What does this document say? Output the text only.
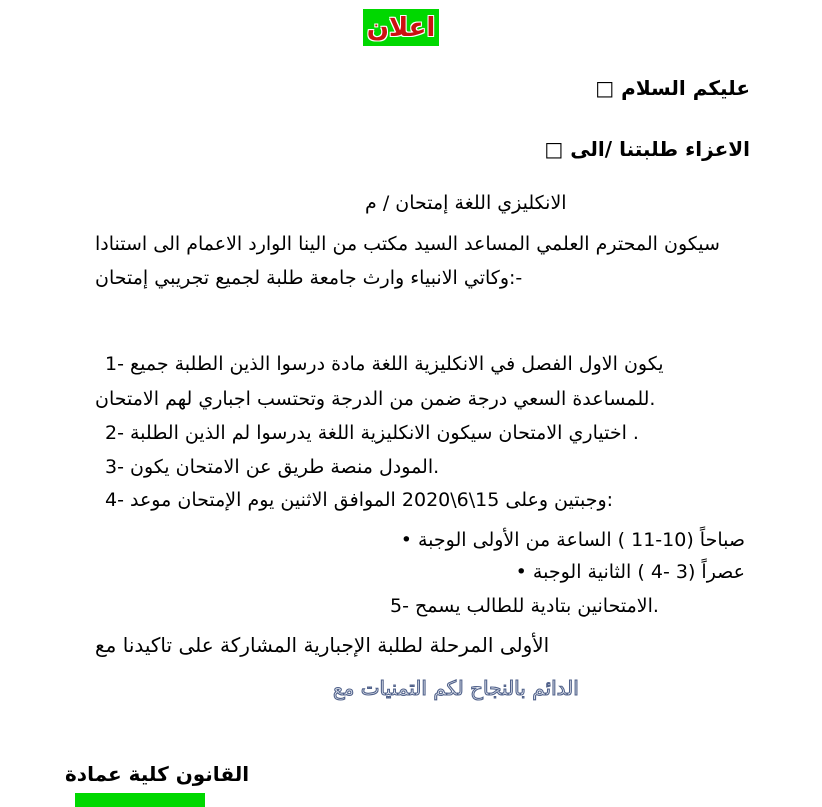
اعلان
□ السلام عليكم
□ الى/ طلبتنا الاعزاء
م / إمتحان اللغة الانكليزي
استنادا الى الاعمام الوارد الينا من مكتب السيد المساعد العلمي المحترم سيكون
إمتحان تجريبي لجميع طلبة جامعة وارث الانبياء وكاتي:-
1- جميع الطلبة الذين درسوا مادة اللغة الانكليزية في الفصل الاول يكون
الامتحان لهم اجباري وتحتسب الدرجة من ضمن درجة السعي للمساعدة.
2- الطلبة الذين لم يدرسوا اللغة الانكليزية سيكون الامتحان اختياري .
3- يكون الامتحان عن طريق منصة المودل.
4- موعد الإمتحان يوم الاثنين الموافق 2020\6\15 وعلى وجبتين:
• الوجبة الأولى من الساعة ( 11-10) صباحاً
• الوجبة الثانية ( 4- 3) عصراً
5- يسمح للطالب بتادية الامتحانين.
مع تاكيدنا على المشاركة الإجبارية لطلبة المرحلة الأولى
مع التمنيات لكم بالنجاح الدائم
عمادة كلية القانون
